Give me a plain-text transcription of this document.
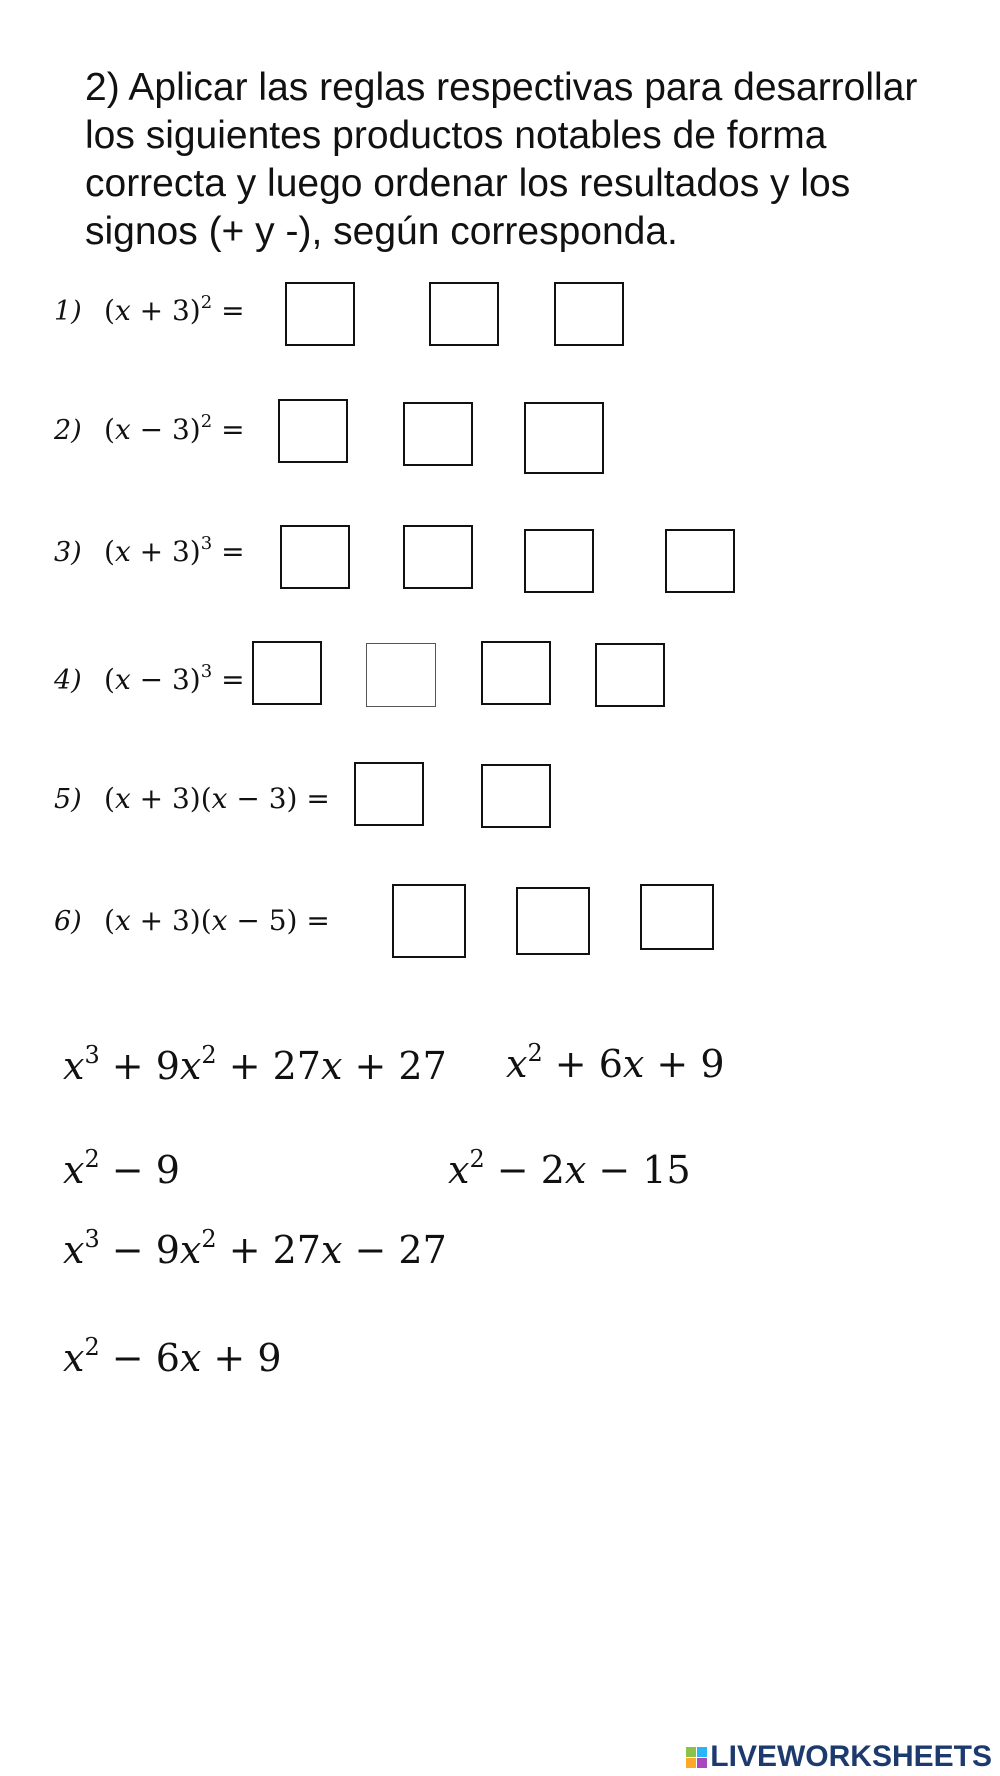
2) Aplicar las reglas respectivas para desarrollar los siguientes productos notables de forma correcta y luego ordenar los resultados y los signos (+ y -), según corresponda.
1) $(x + 3)^2$ =
2) $(x - 3)^2$ =
3) $(x + 3)^3$ =
4) $(x - 3)^3$ =
5) (x + 3)(x − 3) =
6) (x + 3)(x − 5) =
$x^3 + 9x^2 + 27x + 27$ $x^2 + 6x + 9$
$x^2 - 9$	$x^2 - 2x - 15$
$x^3 - 9x^2 + 27x - 27$
$x^2 - 6x + 9$
LIVEWORKSHEETS
